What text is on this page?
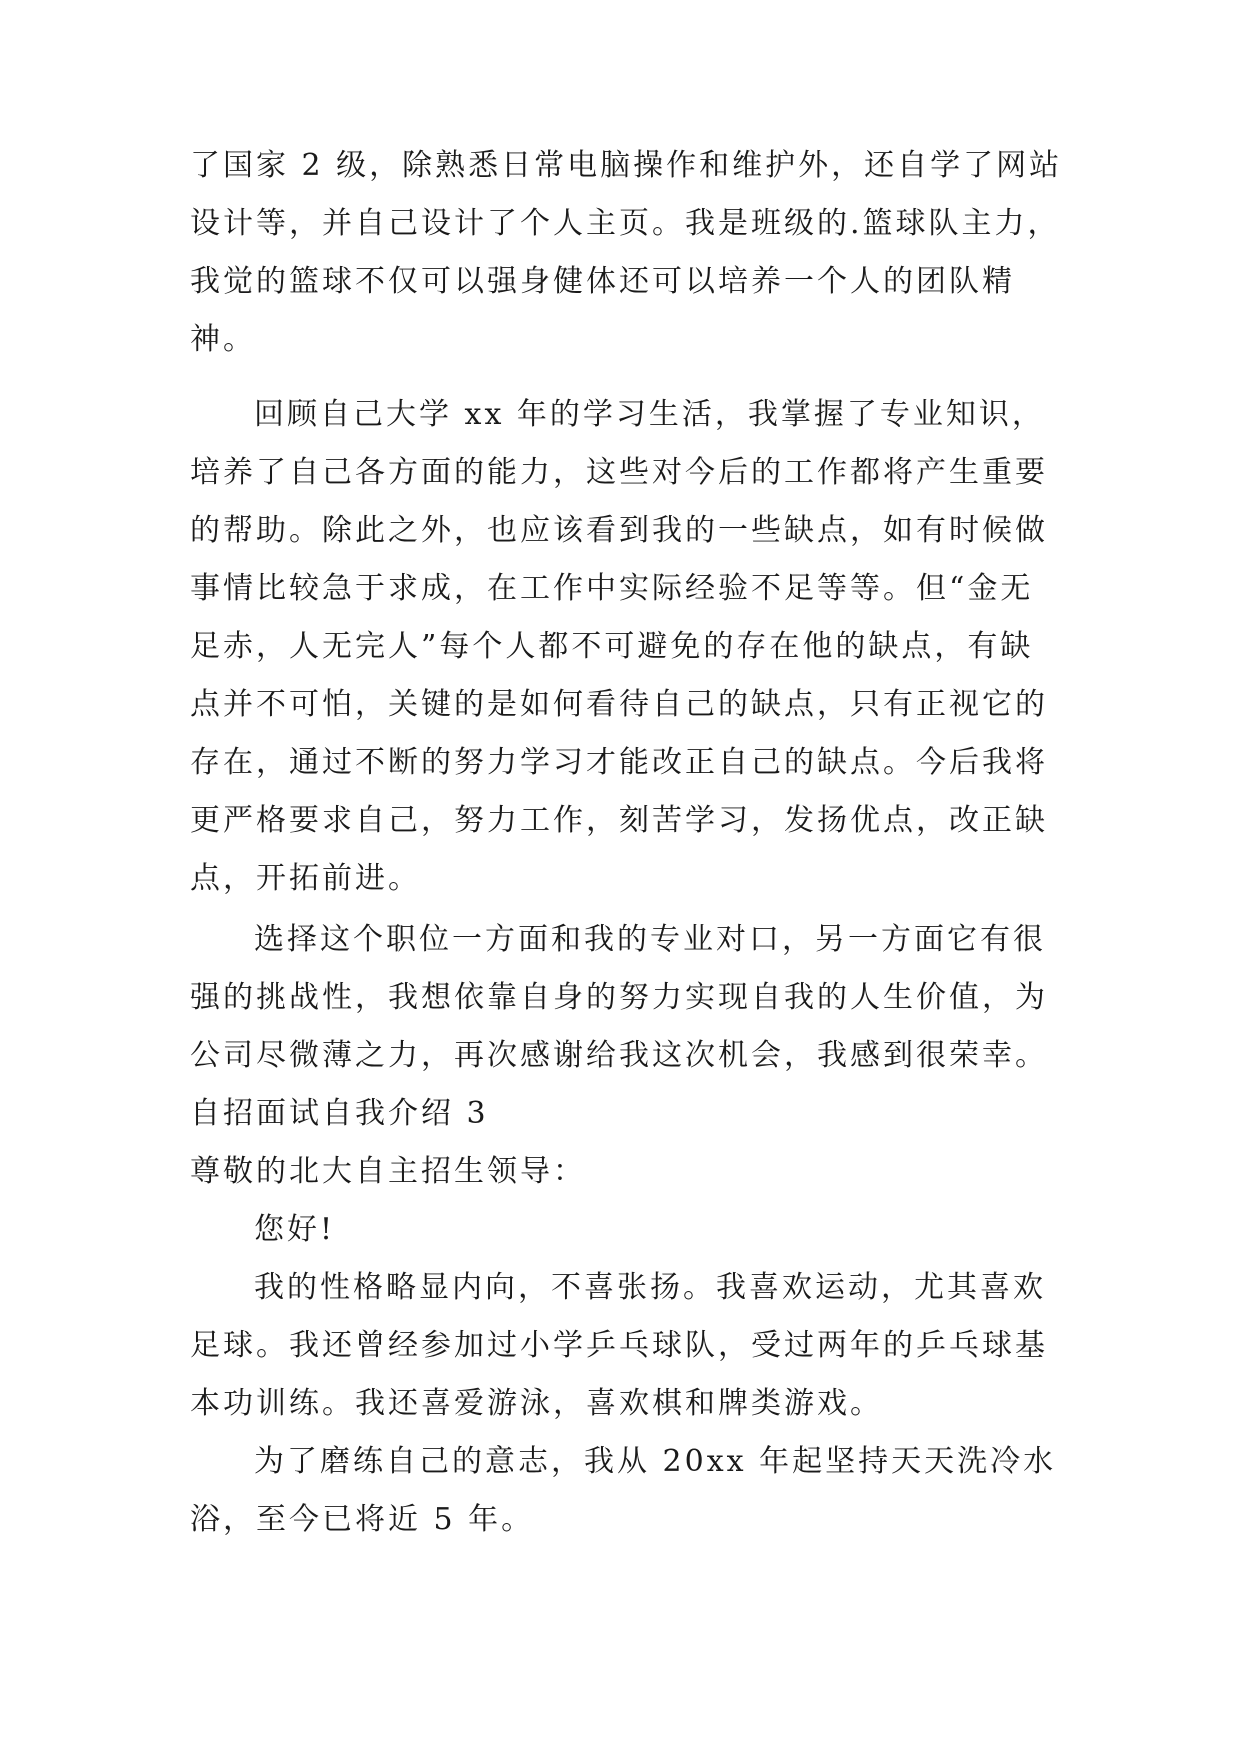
了国家 2 级，除熟悉日常电脑操作和维护外，还自学了网站
设计等，并自己设计了个人主页。我是班级的.篮球队主力，
我觉的篮球不仅可以强身健体还可以培养一个人的团队精
神。
回顾自己大学 xx 年的学习生活，我掌握了专业知识，
培养了自己各方面的能力，这些对今后的工作都将产生重要
的帮助。除此之外，也应该看到我的一些缺点，如有时候做
事情比较急于求成，在工作中实际经验不足等等。但“金无
足赤，人无完人”每个人都不可避免的存在他的缺点，有缺
点并不可怕，关键的是如何看待自己的缺点，只有正视它的
存在，通过不断的努力学习才能改正自己的缺点。今后我将
更严格要求自己，努力工作，刻苦学习，发扬优点，改正缺
点，开拓前进。
选择这个职位一方面和我的专业对口，另一方面它有很
强的挑战性，我想依靠自身的努力实现自我的人生价值，为
公司尽微薄之力，再次感谢给我这次机会，我感到很荣幸。
自招面试自我介绍 3
尊敬的北大自主招生领导：
您好!
我的性格略显内向，不喜张扬。我喜欢运动，尤其喜欢
足球。我还曾经参加过小学乒乓球队，受过两年的乒乓球基
本功训练。我还喜爱游泳，喜欢棋和牌类游戏。
为了磨练自己的意志，我从 20xx 年起坚持天天洗冷水
浴，至今已将近 5 年。
